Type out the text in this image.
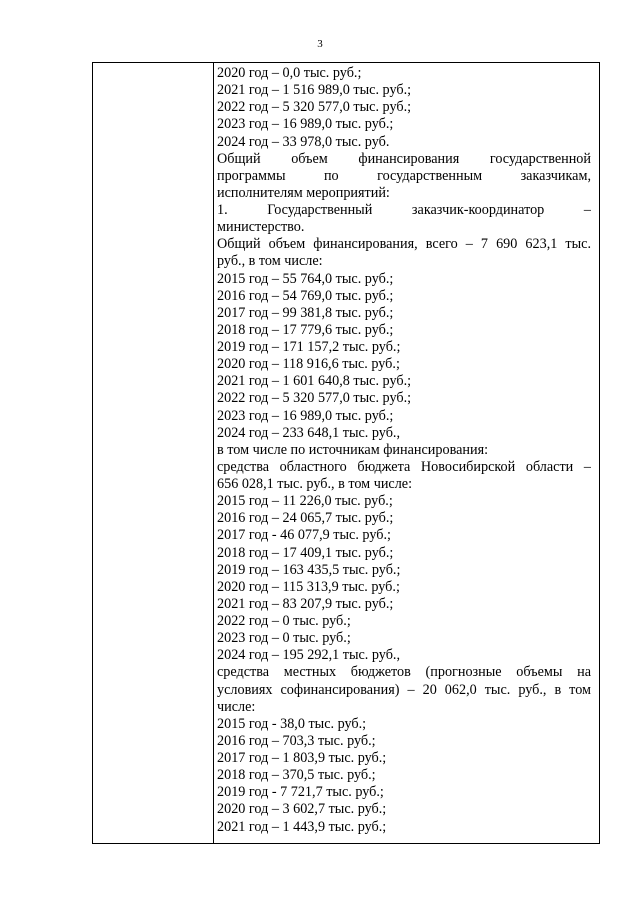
3
2020 год – 0,0 тыс. руб.;
2021 год – 1 516 989,0 тыс. руб.;
2022 год – 5 320 577,0 тыс. руб.;
2023 год – 16 989,0 тыс. руб.;
2024 год – 33 978,0 тыс. руб.
Общий объем финансирования государственной
программы по государственным заказчикам,
исполнителям мероприятий:
1. Государственный заказчик-координатор –
министерство.
Общий объем финансирования, всего – 7 690 623,1 тыс.
руб., в том числе:
2015 год – 55 764,0 тыс. руб.;
2016 год – 54 769,0 тыс. руб.;
2017 год – 99 381,8 тыс. руб.;
2018 год – 17 779,6 тыс. руб.;
2019 год – 171 157,2 тыс. руб.;
2020 год – 118 916,6 тыс. руб.;
2021 год – 1 601 640,8 тыс. руб.;
2022 год – 5 320 577,0 тыс. руб.;
2023 год – 16 989,0 тыс. руб.;
2024 год – 233 648,1 тыс. руб.,
в том числе по источникам финансирования:
средства областного бюджета Новосибирской области –
656 028,1 тыс. руб., в том числе:
2015 год – 11 226,0 тыс. руб.;
2016 год – 24 065,7 тыс. руб.;
2017 год - 46 077,9 тыс. руб.;
2018 год – 17 409,1 тыс. руб.;
2019 год – 163 435,5 тыс. руб.;
2020 год – 115 313,9 тыс. руб.;
2021 год – 83 207,9 тыс. руб.;
2022 год – 0 тыс. руб.;
2023 год – 0 тыс. руб.;
2024 год – 195 292,1 тыс. руб.,
средства местных бюджетов (прогнозные объемы на
условиях софинансирования) – 20 062,0 тыс. руб., в том
числе:
2015 год - 38,0 тыс. руб.;
2016 год – 703,3 тыс. руб.;
2017 год – 1 803,9 тыс. руб.;
2018 год – 370,5 тыс. руб.;
2019 год - 7 721,7 тыс. руб.;
2020 год – 3 602,7 тыс. руб.;
2021 год – 1 443,9 тыс. руб.;
